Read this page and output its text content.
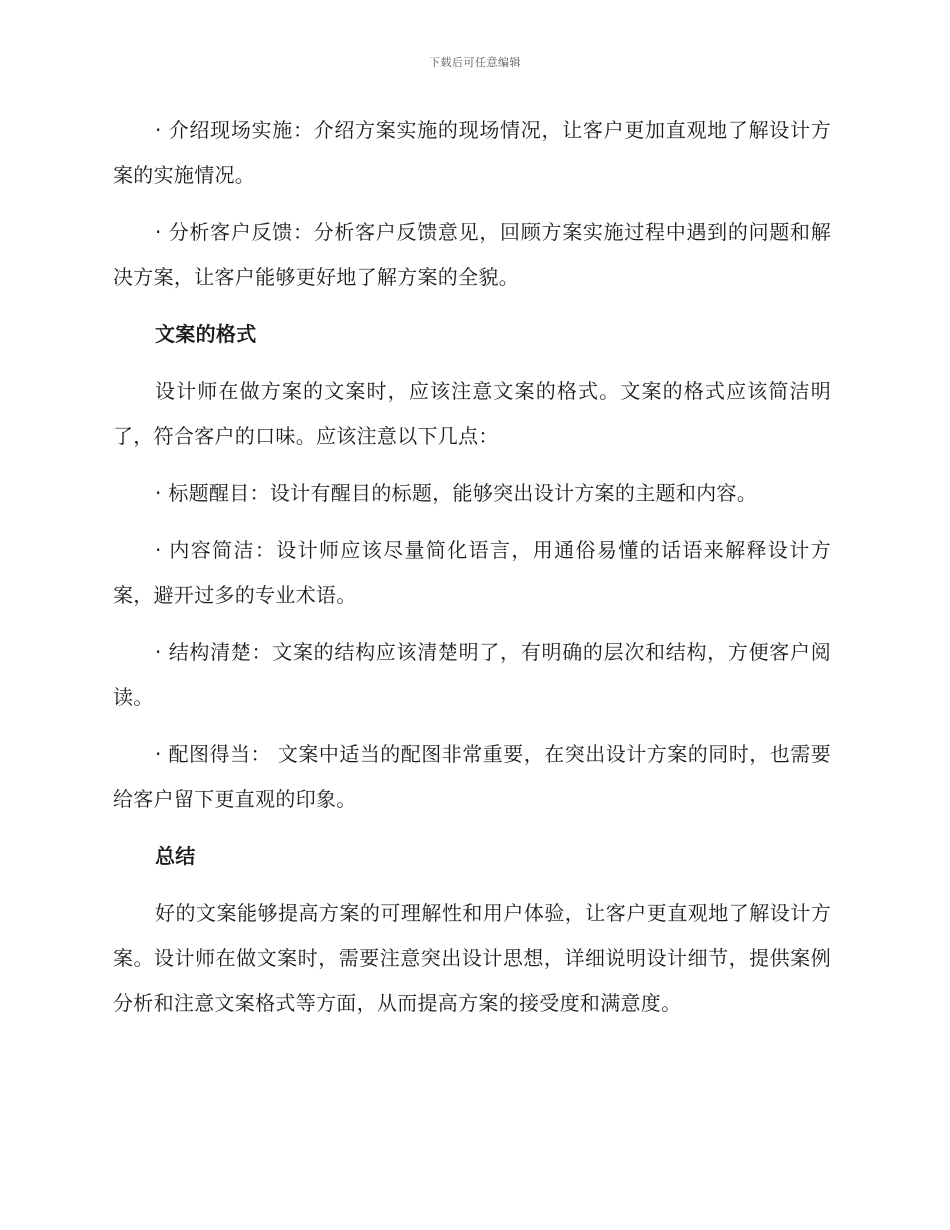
下载后可任意编辑

· 介绍现场实施：介绍方案实施的现场情况，让客户更加直观地了解设计方案的实施情况。

· 分析客户反馈：分析客户反馈意见，回顾方案实施过程中遇到的问题和解决方案，让客户能够更好地了解方案的全貌。

文案的格式

设计师在做方案的文案时，应该注意文案的格式。文案的格式应该简洁明了，符合客户的口味。应该注意以下几点：

· 标题醒目：设计有醒目的标题，能够突出设计方案的主题和内容。

· 内容简洁：设计师应该尽量简化语言，用通俗易懂的话语来解释设计方案，避开过多的专业术语。

· 结构清楚：文案的结构应该清楚明了，有明确的层次和结构，方便客户阅读。

· 配图得当： 文案中适当的配图非常重要，在突出设计方案的同时，也需要给客户留下更直观的印象。

总结

好的文案能够提高方案的可理解性和用户体验，让客户更直观地了解设计方案。设计师在做文案时，需要注意突出设计思想，详细说明设计细节，提供案例分析和注意文案格式等方面，从而提高方案的接受度和满意度。
